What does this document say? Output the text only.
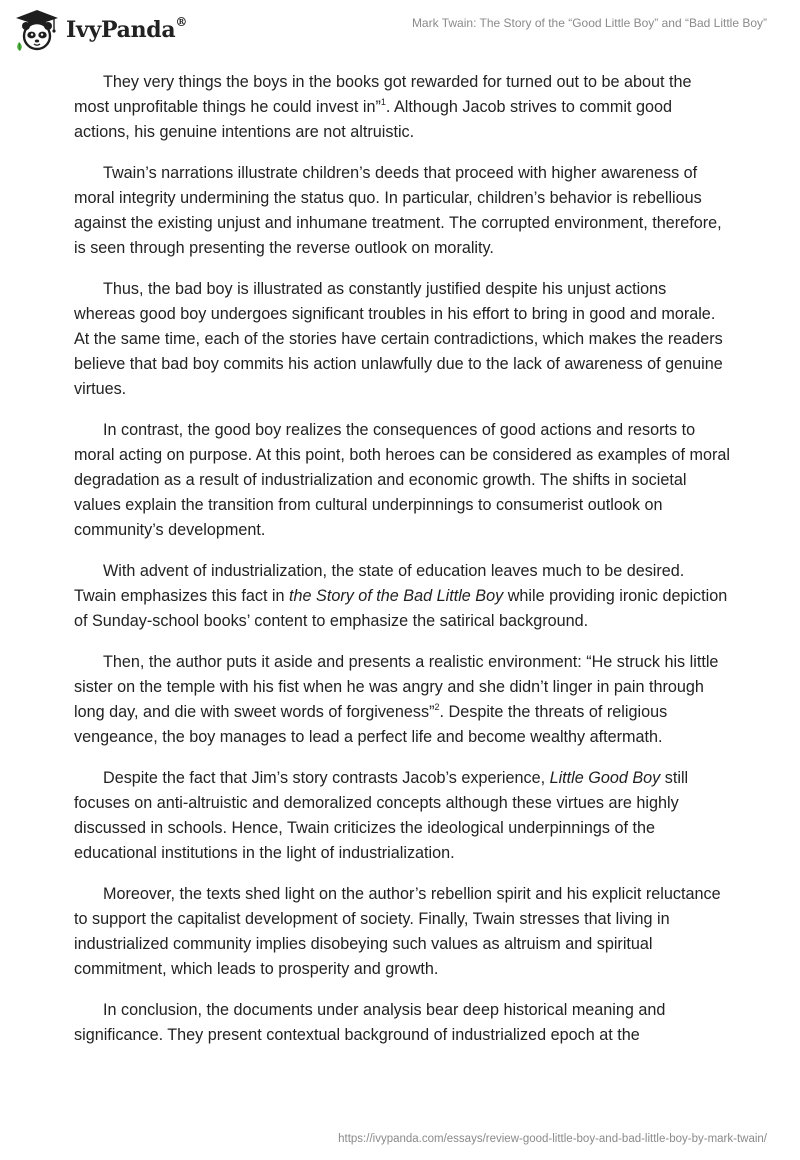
IvyPanda®	Mark Twain: The Story of the “Good Little Boy” and “Bad Little Boy”

They very things the boys in the books got rewarded for turned out to be about the most unprofitable things he could invest in”$^1$. Although Jacob strives to commit good actions, his genuine intentions are not altruistic.

Twain’s narrations illustrate children’s deeds that proceed with higher awareness of moral integrity undermining the status quo. In particular, children’s behavior is rebellious against the existing unjust and inhumane treatment. The corrupted environment, therefore, is seen through presenting the reverse outlook on morality.

Thus, the bad boy is illustrated as constantly justified despite his unjust actions whereas good boy undergoes significant troubles in his effort to bring in good and morale. At the same time, each of the stories have certain contradictions, which makes the readers believe that bad boy commits his action unlawfully due to the lack of awareness of genuine virtues.

In contrast, the good boy realizes the consequences of good actions and resorts to moral acting on purpose. At this point, both heroes can be considered as examples of moral degradation as a result of industrialization and economic growth. The shifts in societal values explain the transition from cultural underpinnings to consumerist outlook on community’s development.

With advent of industrialization, the state of education leaves much to be desired. Twain emphasizes this fact in the Story of the Bad Little Boy while providing ironic depiction of Sunday-school books’ content to emphasize the satirical background.

Then, the author puts it aside and presents a realistic environment: “He struck his little sister on the temple with his fist when he was angry and she didn’t linger in pain through long day, and die with sweet words of forgiveness”$^2$. Despite the threats of religious vengeance, the boy manages to lead a perfect life and become wealthy aftermath.

Despite the fact that Jim’s story contrasts Jacob’s experience, Little Good Boy still focuses on anti-altruistic and demoralized concepts although these virtues are highly discussed in schools. Hence, Twain criticizes the ideological underpinnings of the educational institutions in the light of industrialization.

Moreover, the texts shed light on the author’s rebellion spirit and his explicit reluctance to support the capitalist development of society. Finally, Twain stresses that living in industrialized community implies disobeying such values as altruism and spiritual commitment, which leads to prosperity and growth.

In conclusion, the documents under analysis bear deep historical meaning and significance. They present contextual background of industrialized epoch at the

https://ivypanda.com/essays/review-good-little-boy-and-bad-little-boy-by-mark-twain/
